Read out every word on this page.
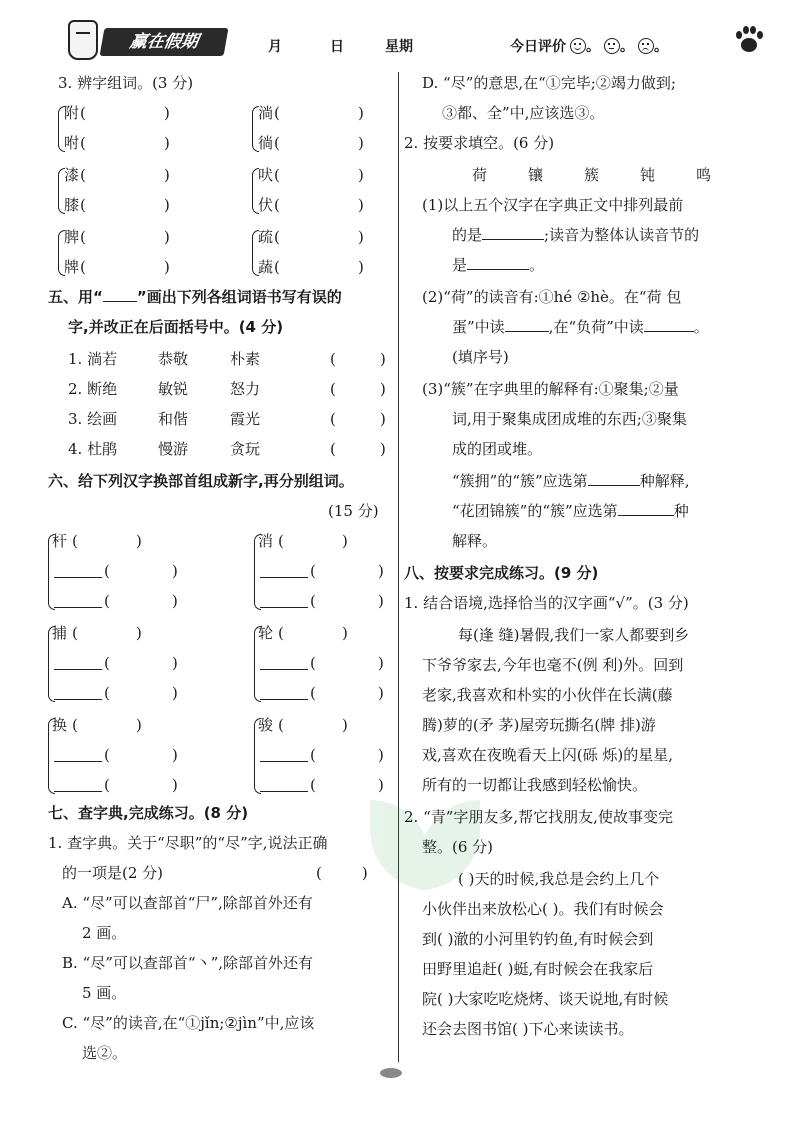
赢在假期	月	日	星期	今日评价 。 。 。
3. 辨字组词。(3 分)
附 (	)
咐 (	)
淌 (	)
徜 (	)
漆 (	)
膝 (	)
吠 (	)
伏 (	)
脾 (	)
牌 (	)
疏 (	)
蔬 (	)
五、用“ ”画出下列各组词语书写有误的
字,并改正在后面括号中。(4 分)
1. 淌若	恭敬	朴素	(	)
2. 断绝	敏锐	怒力	(	)
3. 绘画	和偕	霞光	(	)
4. 杜鹃	慢游	贪玩	(	)
六、给下列汉字换部首组成新字,再分别组词。
(15 分)
杆 (	)
(	)
(	)
消 (	)
(	)
(	)
捕 (	)
(	)
(	)
轮 (	)
(	)
(	)
换 (	)
(	)
(	)
骏 (	)
(	)
(	)
七、查字典,完成练习。(8 分)
1. 查字典。关于“尽职”的“尽”字,说法正确
的一项是(2 分)	(	)
A. “尽”可以查部首“尸”,除部首外还有
2 画。
B. “尽”可以查部首“丶”,除部首外还有
5 画。
C. “尽”的读音,在“①jǐn;②jìn”中,应该
选②。
D. “尽”的意思,在“①完毕;②竭力做到;
③都、全”中,应该选③。
2. 按要求填空。(6 分)
荷	镶	簇	钝	鸣
(1)以上五个汉字在字典正文中排列最前
的是	;读音为整体认读音节的
是	。
(2)“荷”的读音有:①hé ②hè。在“荷 包
蛋”中读	,在“负荷”中读	。
(填序号)
(3)“簇”在字典里的解释有:①聚集;②量
词,用于聚集成团成堆的东西;③聚集
成的团或堆。
“簇拥”的“簇”应选第	种解释,
“花团锦簇”的“簇”应选第	种
解释。
八、按要求完成练习。(9 分)
1. 结合语境,选择恰当的汉字画“√”。(3 分)
每(逢 缝)暑假,我们一家人都要到乡
下爷爷家去,今年也毫不(例 利)外。回到
老家,我喜欢和朴实的小伙伴在长满(藤
腾)萝的(矛 茅)屋旁玩撕名(牌 排)游
戏,喜欢在夜晚看天上闪(砾 烁)的星星,
所有的一切都让我感到轻松愉快。
2. “青”字朋友多,帮它找朋友,使故事变完
整。(6 分)
( )天的时候,我总是会约上几个
小伙伴出来放松心( )。我们有时候会
到( )澈的小河里钓钓鱼,有时候会到
田野里追赶( )蜓,有时候会在我家后
院( )大家吃吃烧烤、谈天说地,有时候
还会去图书馆( )下心来读读书。
